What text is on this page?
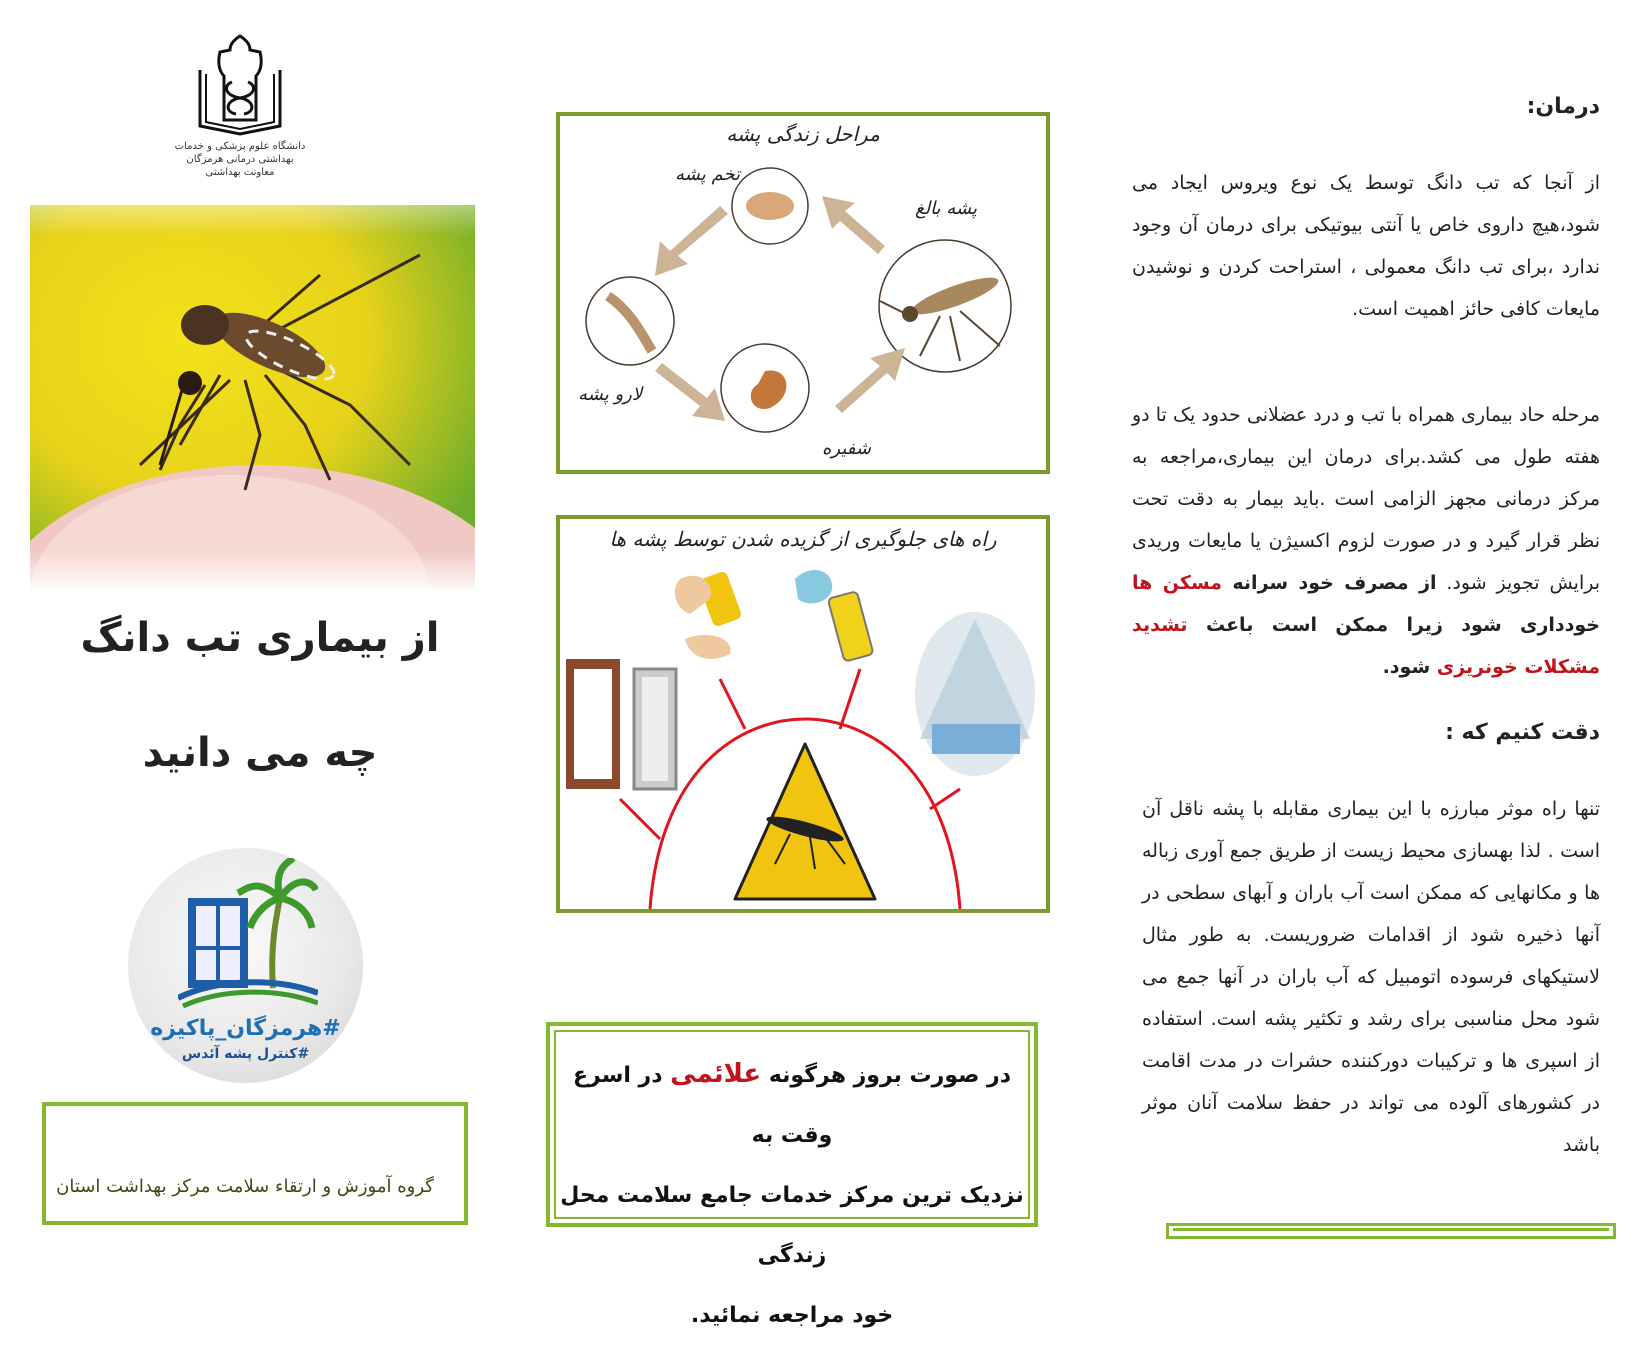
دانشگاه علوم پزشکی و خدمات بهداشتی درمانی هرمزگان
معاونت بهداشتی
از بیماری تب دانگ
چه می دانید
#هرمزگان_پاکیزه
#کنترل پشه آئدس
گروه آموزش و ارتقاء سلامت مرکز بهداشت استان
مراحل زندگی پشه
تخم پشه
پشه بالغ
لارو پشه
شفیره
راه های جلوگیری از گزیده شدن توسط پشه ها
در صورت بروز هرگونه علائمی در اسرع وقت به
نزدیک ترین مرکز خدمات جامع سلامت محل زندگی
خود مراجعه نمائید.
درمان:
از آنجا که تب دانگ توسط یک نوع ویروس ایجاد می شود،هیچ داروی خاص یا آنتی بیوتیکی برای درمان آن وجود ندارد ،برای تب دانگ معمولی ، استراحت کردن و نوشیدن مایعات کافی حائز اهمیت است.
مرحله حاد بیماری همراه با تب و درد عضلانی حدود یک تا دو هفته طول می کشد.برای درمان این بیماری،مراجعه به مرکز درمانی مجهز الزامی است .باید بیمار به دقت تحت نظر قرار گیرد و در صورت لزوم اکسیژن یا مایعات وریدی برایش تجویز شود. از مصرف خود سرانه مسکن ها خودداری شود زیرا ممکن است باعث تشدید مشکلات خونریزی شود.
دقت کنیم که :
تنها راه موثر مبارزه با این بیماری مقابله با پشه ناقل آن است . لذا بهسازی محیط زیست از طریق جمع آوری زباله ها و مکانهایی که ممکن است آب باران و آبهای سطحی در آنها ذخیره شود از اقدامات ضروریست. به طور مثال لاستیکهای فرسوده اتومبیل که آب باران در آنها جمع می شود محل مناسبی برای رشد و تکثیر پشه است. استفاده از اسپری ها و ترکیبات دورکننده حشرات در مدت اقامت در کشورهای آلوده می تواند در حفظ سلامت آنان موثر باشد
